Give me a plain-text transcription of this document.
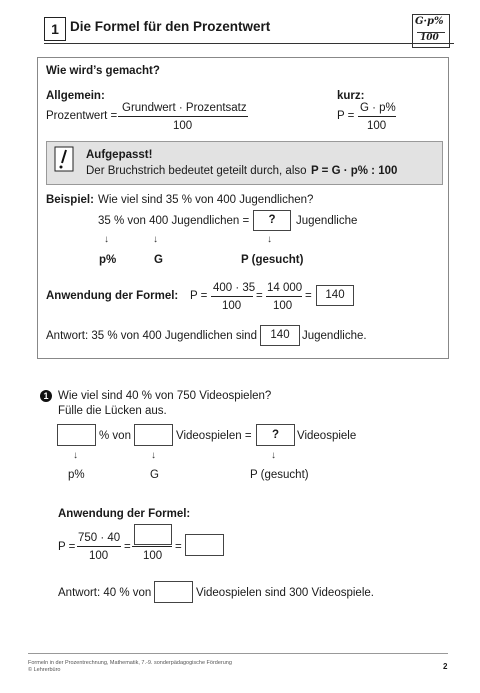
1 Die Formel für den Prozentwert	G·p%
100
Wie wird’s gemacht?
Allgemein:	kurz:
Prozentwert =
Grundwert · Prozentsatz
100
P =
G · p%
100
Aufgepasst!
Der Bruchstrich bedeutet geteilt durch, also P = G · p% : 100
Beispiel: Wie viel sind 35 % von 400 Jugendlichen?
35 % von 400 Jugendlichen =	?	Jugendliche
↓	↓	↓
p%	G	P (gesucht)
Anwendung der Formel: P =
400 · 35
100
=
14 000
100
=	140
Antwort: 35 % von 400 Jugendlichen sind	140	Jugendliche.
1 Wie viel sind 40 % von 750 Videospielen?
Fülle die Lücken aus.
% von	Videospielen =	?	Videospiele
↓	↓	↓
p%	G	P (gesucht)
Anwendung der Formel:
P =
750 · 40
100
=
100
=
Antwort: 40 % von	Videospielen sind 300 Videospiele.
Formeln in der Prozentrechnung, Mathematik, 7.-9. sonderpädagogische Förderung
© Lehrerbüro	2
